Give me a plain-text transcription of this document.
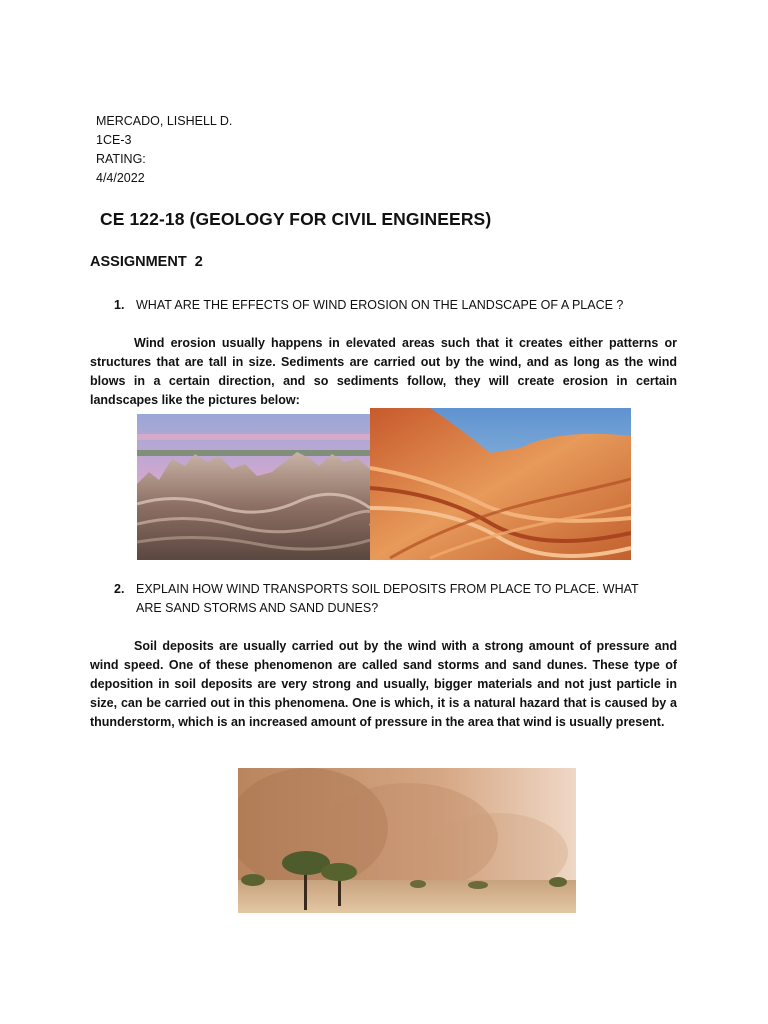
MERCADO, LISHELL D.
1CE-3
RATING:
4/4/2022
CE 122-18 (GEOLOGY FOR CIVIL ENGINEERS)
ASSIGNMENT  2
1. WHAT ARE THE EFFECTS OF WIND EROSION ON THE LANDSCAPE OF A PLACE ?

Wind erosion usually happens in elevated areas such that it creates either patterns or structures that are tall in size. Sediments are carried out by the wind, and as long as the wind blows in a certain direction, and so sediments follow, they will create erosion in certain landscapes like the pictures below:

2. EXPLAIN HOW WIND TRANSPORTS SOIL DEPOSITS FROM PLACE TO PLACE. WHAT ARE SAND STORMS AND SAND DUNES?

Soil deposits are usually carried out by the wind with a strong amount of pressure and wind speed. One of these phenomenon are called sand storms and sand dunes. These type of deposition in soil deposits are very strong and usually, bigger materials and not just particle in size, can be carried out in this phenomena. One is which, it is a natural hazard that is caused by a thunderstorm, which is an increased amount of pressure in the area that wind is usually present.
